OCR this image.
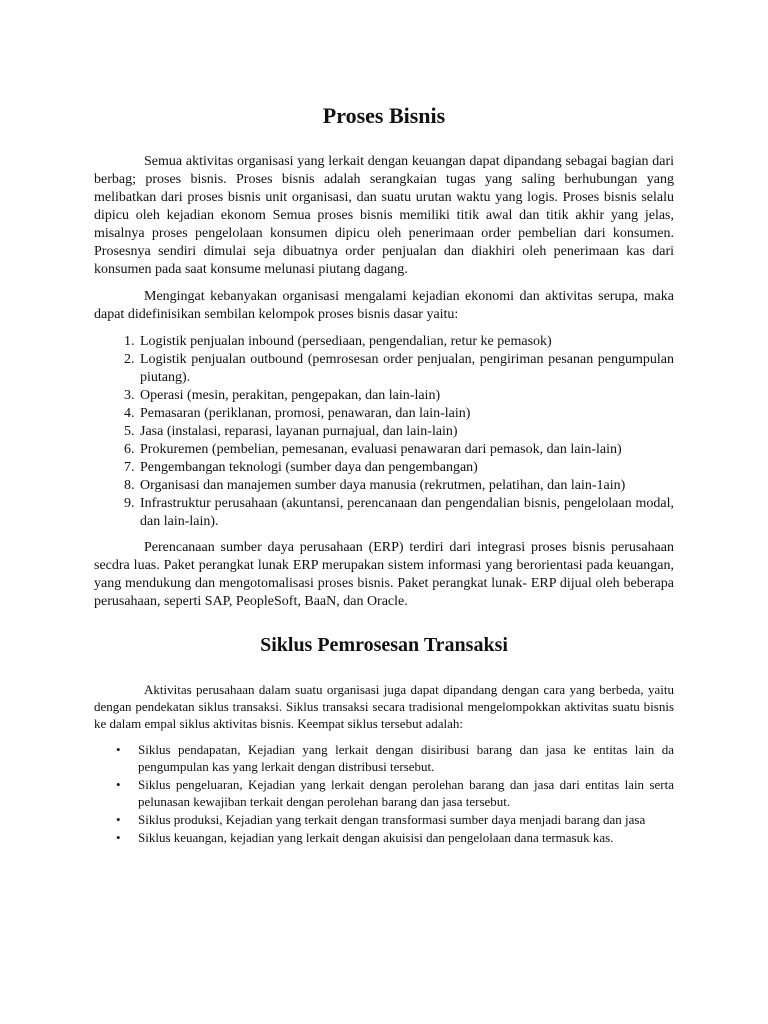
Proses Bisnis

Semua aktivitas organisasi yang lerkait dengan keuangan dapat dipandang sebagai bagian dari berbag; proses bisnis. Proses bisnis adalah serangkaian tugas yang saling berhubungan yang melibatkan dari proses bisnis unit organisasi, dan suatu urutan waktu yang logis. Proses bisnis selalu dipicu oleh kejadian ekonom Semua proses bisnis memiliki titik awal dan titik akhir yang jelas, misalnya proses pengelolaan konsumen dipicu oleh penerimaan order pembelian dari konsumen. Prosesnya sendiri dimulai seja dibuatnya order penjualan dan diakhiri oleh penerimaan kas dari konsumen pada saat konsume melunasi piutang dagang.

Mengingat kebanyakan organisasi mengalami kejadian ekonomi dan aktivitas serupa, maka dapat didefinisikan sembilan kelompok proses bisnis dasar yaitu:

1. Logistik penjualan inbound (persediaan, pengendalian, retur ke pemasok)
2. Logistik penjualan outbound (pemrosesan order penjualan, pengiriman pesanan pengumpulan piutang).
3. Operasi (mesin, perakitan, pengepakan, dan lain-lain)
4. Pemasaran (periklanan, promosi, penawaran, dan lain-lain)
5. Jasa (instalasi, reparasi, layanan purnajual, dan lain-lain)
6. Prokuremen (pembelian, pemesanan, evaluasi penawaran dari pemasok, dan lain-lain)
7. Pengembangan teknologi (sumber daya dan pengembangan)
8. Organisasi dan manajemen sumber daya manusia (rekrutmen, pelatihan, dan lain-1ain)
9. Infrastruktur perusahaan (akuntansi, perencanaan dan pengendalian bisnis, pengelolaan modal, dan lain-lain).

Perencanaan sumber daya perusahaan (ERP) terdiri dari integrasi proses bisnis perusahaan secdra luas. Paket perangkat lunak ERP merupakan sistem informasi yang berorientasi pada keuangan, yang mendukung dan mengotomalisasi proses bisnis. Paket perangkat lunak- ERP dijual oleh beberapa perusahaan, seperti SAP, PeopleSoft, BaaN, dan Oracle.

Siklus Pemrosesan Transaksi

Aktivitas perusahaan dalam suatu organisasi juga dapat dipandang dengan cara yang berbeda, yaitu dengan pendekatan siklus transaksi. Siklus transaksi secara tradisional mengelompokkan aktivitas suatu bisnis ke dalam empal siklus aktivitas bisnis. Keempat siklus tersebut adalah:

• Siklus pendapatan, Kejadian yang lerkait dengan disiribusi barang dan jasa ke entitas lain da pengumpulan kas yang lerkait dengan distribusi tersebut.
• Siklus pengeluaran, Kejadian yang lerkait dengan perolehan barang dan jasa dari entitas lain serta pelunasan kewajiban terkait dengan perolehan barang dan jasa tersebut.
• Siklus produksi, Kejadian yang terkait dengan transformasi sumber daya menjadi barang dan jasa
• Siklus keuangan, kejadian yang lerkait dengan akuisisi dan pengelolaan dana termasuk kas.
